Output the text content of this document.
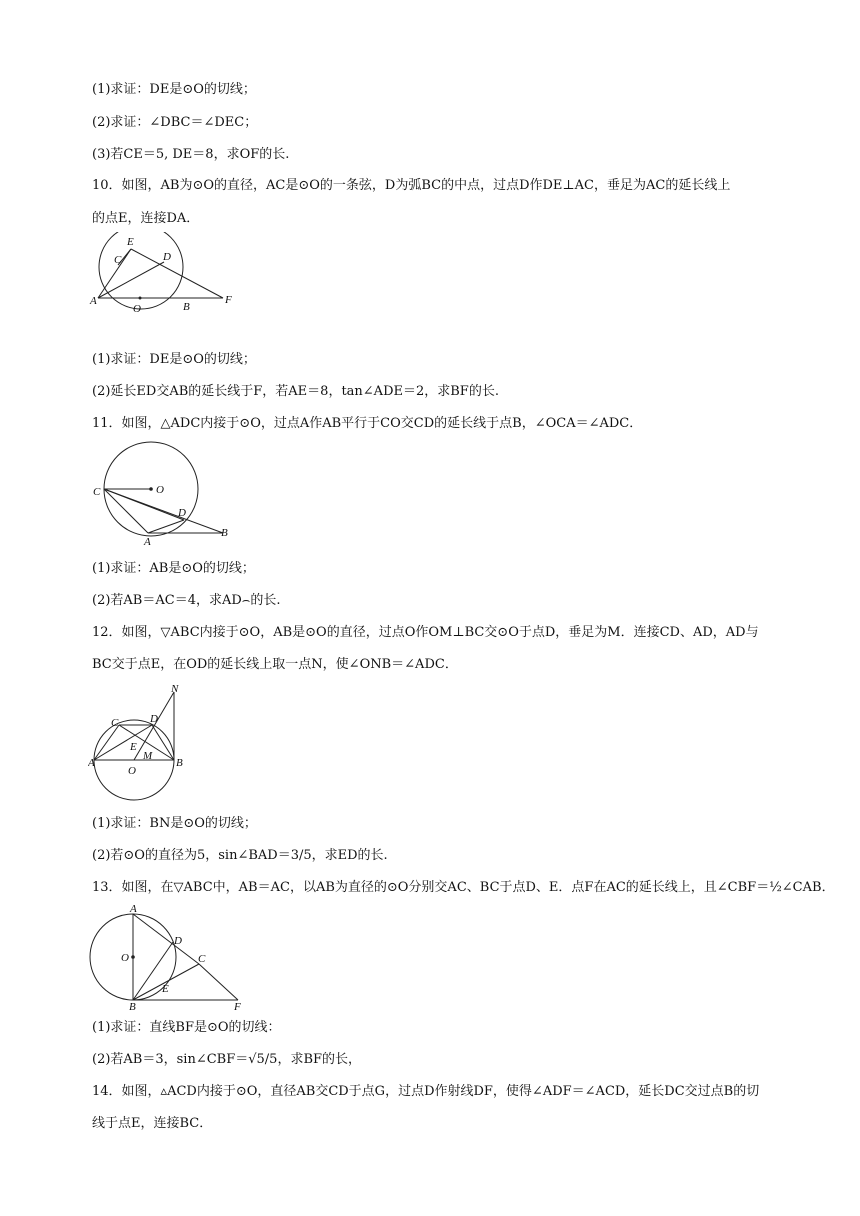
(1)求证：DE是⊙O的切线；
(2)求证：∠DBC＝∠DEC；
(3)若CE＝5, DE＝8，求OF的长.
10．如图，AB为⊙O的直径，AC是⊙O的一条弦，D为弧BC的中点，过点D作DE⊥AC，垂足为AC的延长线上
的点E，连接DA．
E
C	D
A
O	B
F
(1)求证：DE是⊙O的切线；
(2)延长ED交AB的延长线于F，若AE＝8，tan∠ADE＝2，求BF的长.
11．如图，△ADC内接于⊙O，过点A作AB平行于CO交CD的延长线于点B，∠OCA＝∠ADC．
C	O
D
A
B
(1)求证：AB是⊙O的切线；
(2)若AB＝AC＝4，求AD⌢的长.
12．如图，▽ABC内接于⊙O，AB是⊙O的直径，过点O作OM⊥BC交⊙O于点D，垂足为M．连接CD、AD，AD与
BC交于点E，在OD的延长线上取一点N，使∠ONB＝∠ADC．
N
C	D
E
M
A
O
B
(1)求证：BN是⊙O的切线；
(2)若⊙O的直径为5，sin∠BAD＝3/5，求ED的长.
13．如图，在▽ABC中，AB＝AC，以AB为直径的⊙O分别交AC、BC于点D、E．点F在AC的延长线上，且∠CBF＝½∠CAB．
A
O
D
C
E
B	F
(1)求证：直线BF是⊙O的切线：
(2)若AB＝3，sin∠CBF＝√5/5，求BF的长，
14．如图，▵ACD内接于⊙O，直径AB交CD于点G，过点D作射线DF，使得∠ADF＝∠ACD，延长DC交过点B的切
线于点E，连接BC．
